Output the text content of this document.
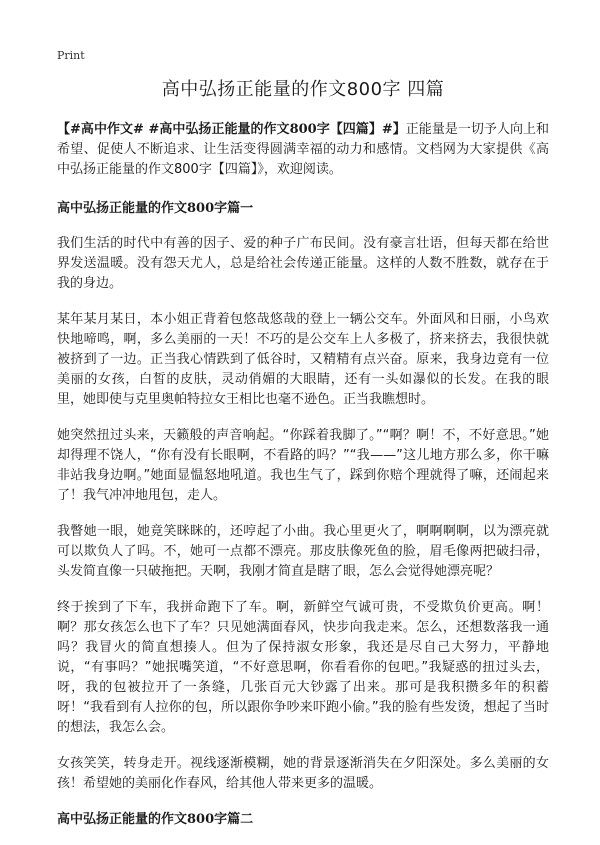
Print
高中弘扬正能量的作文800字 四篇

【#高中作文# #高中弘扬正能量的作文800字【四篇】#】正能量是一切予人向上和希望、促使人不断追求、让生活变得圆满幸福的动力和感情。文档网为大家提供《高中弘扬正能量的作文800字【四篇】》，欢迎阅读。

高中弘扬正能量的作文800字篇一

我们生活的时代中有善的因子、爱的种子广布民间。没有豪言壮语，但每天都在给世界发送温暖。没有怨天尤人，总是给社会传递正能量。这样的人数不胜数，就存在于我的身边。

某年某月某日，本小姐正背着包悠哉悠哉的登上一辆公交车。外面风和日丽，小鸟欢快地啼鸣，啊，多么美丽的一天！不巧的是公交车上人多极了，挤来挤去，我很快就被挤到了一边。正当我心情跌到了低谷时，又精精有点兴奋。原来，我身边竟有一位美丽的女孩，白皙的皮肤，灵动俏媚的大眼睛，还有一头如瀑似的长发。在我的眼里，她即使与克里奥帕特拉女王相比也毫不逊色。正当我瞧想时。

她突然扭过头来，天籁般的声音响起。“你踩着我脚了。”“啊？啊！不，不好意思。”她却得理不饶人，“你有没有长眼啊，不看路的吗？”“我——”这儿地方那么多，你干嘛非站我身边啊。”她面显愠怒地吼道。我也生气了，踩到你赔个理就得了嘛，还闹起来了！我气冲冲地甩包，走人。

我瞥她一眼，她竟笑眯眯的，还哼起了小曲。我心里更火了，啊啊啊啊，以为漂亮就可以欺负人了吗。不，她可一点都不漂亮。那皮肤像死鱼的脸，眉毛像两把破扫帚，头发简直像一只破拖把。天啊，我刚才简直是瞎了眼，怎么会觉得她漂亮呢？

终于挨到了下车，我拼命跑下了车。啊，新鲜空气诚可贵，不受欺负价更高。啊！啊？那女孩怎么也下了车？只见她满面春风，快步向我走来。怎么，还想数落我一通吗？我冒火的简直想揍人。但为了保持淑女形象，我还是尽自己大努力，平静地说，“有事吗？”她抿嘴笑道，“不好意思啊，你看看你的包吧。”我疑惑的扭过头去，呀，我的包被拉开了一条缝，几张百元大钞露了出来。那可是我积攒多年的积蓄呀！“我看到有人拉你的包，所以跟你争吵来吓跑小偷。”我的脸有些发烫，想起了当时的想法，我怎么会。

女孩笑笑，转身走开。视线逐渐模糊，她的背景逐渐消失在夕阳深处。多么美丽的女孩！希望她的美丽化作春风，给其他人带来更多的温暖。

高中弘扬正能量的作文800字篇二
